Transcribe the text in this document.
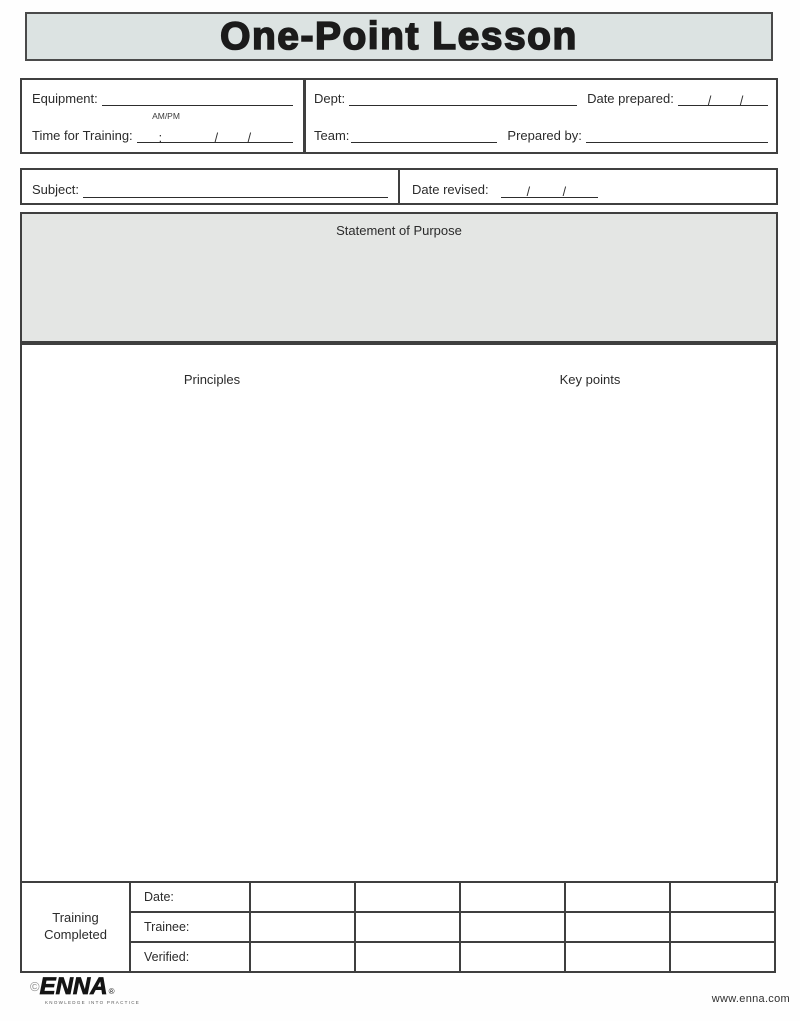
One-Point Lesson
Equipment:
AM/PM
Time for Training: :	/ /
Dept:	Date prepared:	/ /
Team:	Prepared by:
Subject:	Date revised:	/	/
Statement of Purpose
Principles	Key points
Training Completed	Date:					
	Trainee:					
	Verified:					
© ENNA ®
KNOWLEDGE INTO PRACTICE	www.enna.com
